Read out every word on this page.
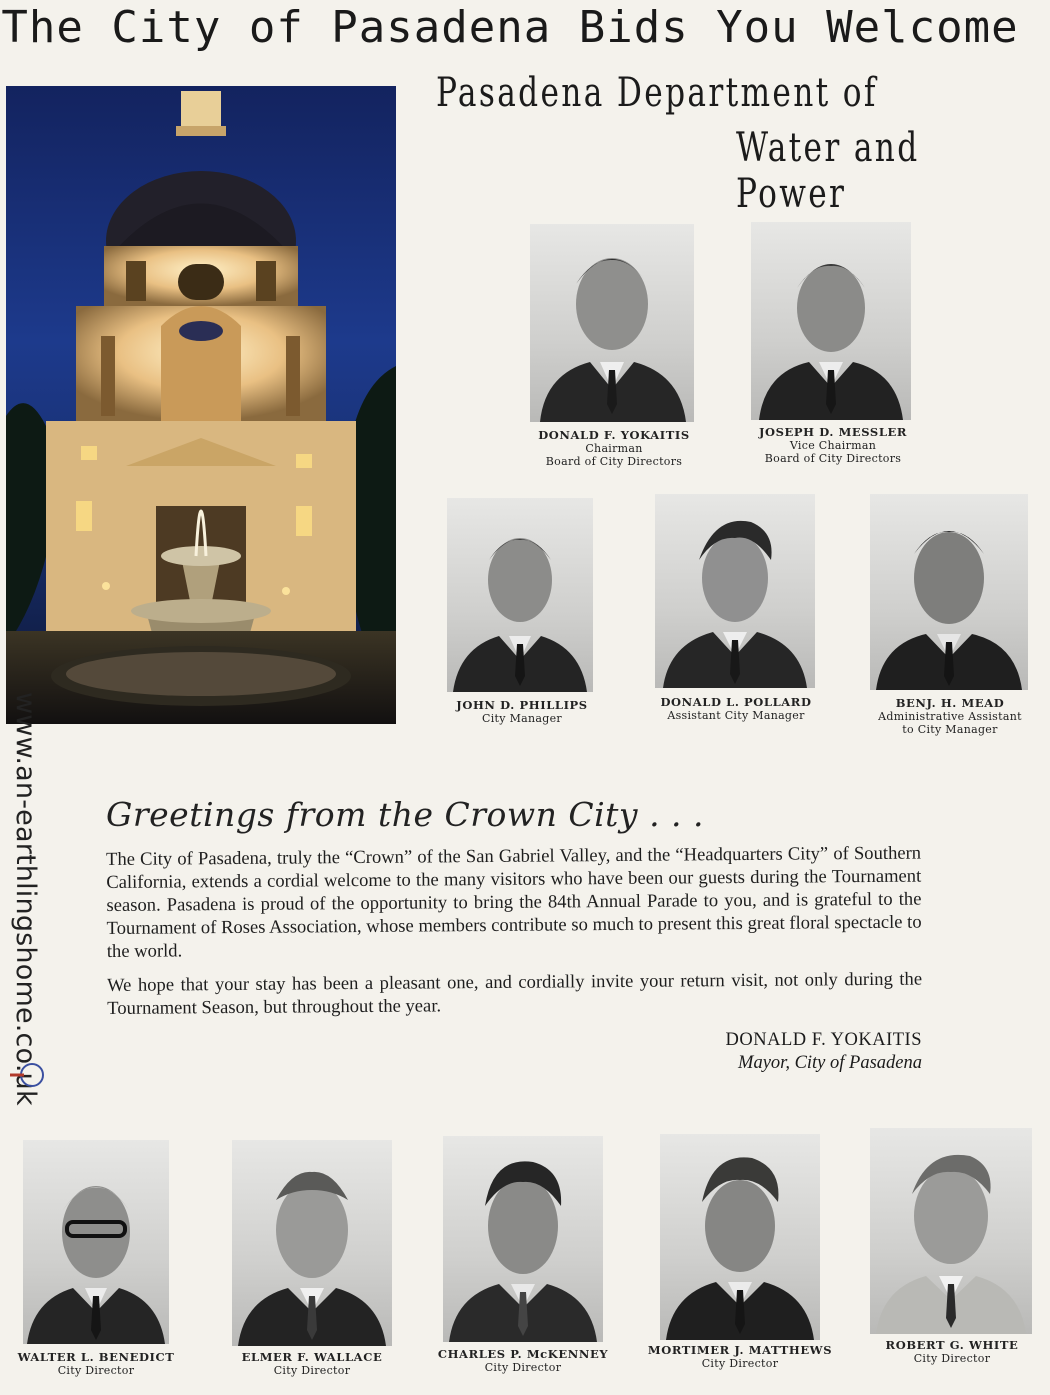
The City of Pasadena Bids You Welcome
Pasadena Department of
Water and Power
DONALD F. YOKAITIS
Chairman
Board of City Directors
JOSEPH D. MESSLER
Vice Chairman
Board of City Directors
JOHN D. PHILLIPS
City Manager
DONALD L. POLLARD
Assistant City Manager
BENJ. H. MEAD
Administrative Assistant
to City Manager
Greetings from the Crown City . . .

The City of Pasadena, truly the “Crown” of the San Gabriel Valley, and the “Headquarters City” of Southern California, extends a cordial welcome to the many visitors who have been our guests during the Tournament season. Pasadena is proud of the opportunity to bring the 84th Annual Parade to you, and is grateful to the Tournament of Roses Association, whose members contribute so much to present this great floral spectacle to the world.

We hope that your stay has been a pleasant one, and cordially invite your return visit, not only during the Tournament Season, but throughout the year.

DONALD F. YOKAITIS
Mayor, City of Pasadena
www.an-earthlingshome.co.uk
WALTER L. BENEDICT
City Director
ELMER F. WALLACE
City Director
CHARLES P. McKENNEY
City Director
MORTIMER J. MATTHEWS
City Director
ROBERT G. WHITE
City Director
